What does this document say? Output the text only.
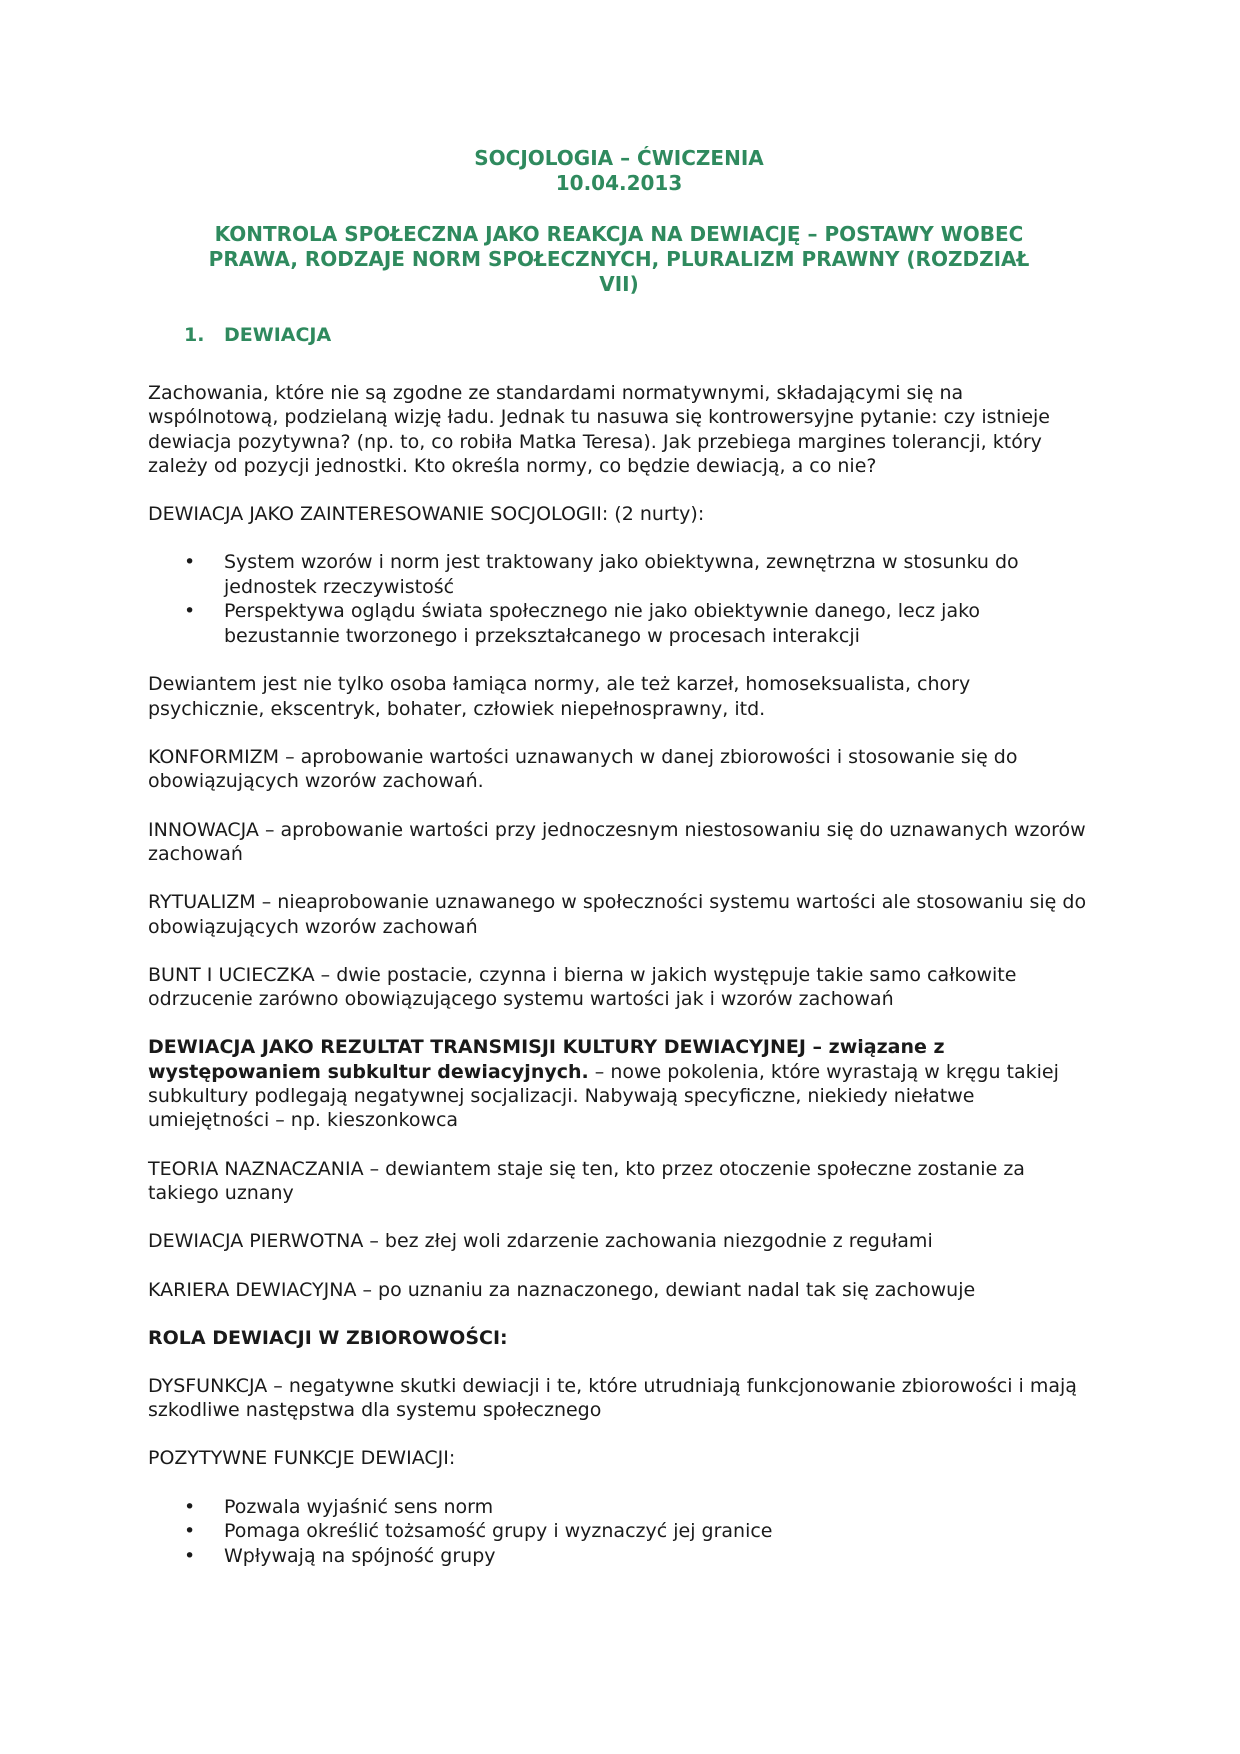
SOCJOLOGIA – ĆWICZENIA
10.04.2013
KONTROLA SPOŁECZNA JAKO REAKCJA NA DEWIACJĘ – POSTAWY WOBEC
PRAWA, RODZAJE NORM SPOŁECZNYCH, PLURALIZM PRAWNY (ROZDZIAŁ
VII)
1. DEWIACJA

Zachowania, które nie są zgodne ze standardami normatywnymi, składającymi się na wspólnotową, podzielaną wizję ładu. Jednak tu nasuwa się kontrowersyjne pytanie: czy istnieje dewiacja pozytywna? (np. to, co robiła Matka Teresa). Jak przebiega margines tolerancji, który zależy od pozycji jednostki. Kto określa normy, co będzie dewiacją, a co nie?

DEWIACJA JAKO ZAINTERESOWANIE SOCJOLOGII: (2 nurty):

• System wzorów i norm jest traktowany jako obiektywna, zewnętrzna w stosunku do jednostek rzeczywistość
• Perspektywa oglądu świata społecznego nie jako obiektywnie danego, lecz jako bezustannie tworzonego i przekształcanego w procesach interakcji

Dewiantem jest nie tylko osoba łamiąca normy, ale też karzeł, homoseksualista, chory psychicznie, ekscentryk, bohater, człowiek niepełnosprawny, itd.

KONFORMIZM – aprobowanie wartości uznawanych w danej zbiorowości i stosowanie się do obowiązujących wzorów zachowań.

INNOWACJA – aprobowanie wartości przy jednoczesnym niestosowaniu się do uznawanych wzorów zachowań

RYTUALIZM – nieaprobowanie uznawanego w społeczności systemu wartości ale stosowaniu się do obowiązujących wzorów zachowań

BUNT I UCIECZKA – dwie postacie, czynna i bierna w jakich występuje takie samo całkowite odrzucenie zarówno obowiązującego systemu wartości jak i wzorów zachowań

DEWIACJA JAKO REZULTAT TRANSMISJI KULTURY DEWIACYJNEJ – związane z występowaniem subkultur dewiacyjnych. – nowe pokolenia, które wyrastają w kręgu takiej subkultury podlegają negatywnej socjalizacji. Nabywają specyficzne, niekiedy niełatwe umiejętności – np. kieszonkowca

TEORIA NAZNACZANIA – dewiantem staje się ten, kto przez otoczenie społeczne zostanie za takiego uznany

DEWIACJA PIERWOTNA – bez złej woli zdarzenie zachowania niezgodnie z regułami

KARIERA DEWIACYJNA – po uznaniu za naznaczonego, dewiant nadal tak się zachowuje

ROLA DEWIACJI W ZBIOROWOŚCI:

DYSFUNKCJA – negatywne skutki dewiacji i te, które utrudniają funkcjonowanie zbiorowości i mają szkodliwe następstwa dla systemu społecznego

POZYTYWNE FUNKCJE DEWIACJI:

• Pozwala wyjaśnić sens norm
• Pomaga określić tożsamość grupy i wyznaczyć jej granice
• Wpływają na spójność grupy
